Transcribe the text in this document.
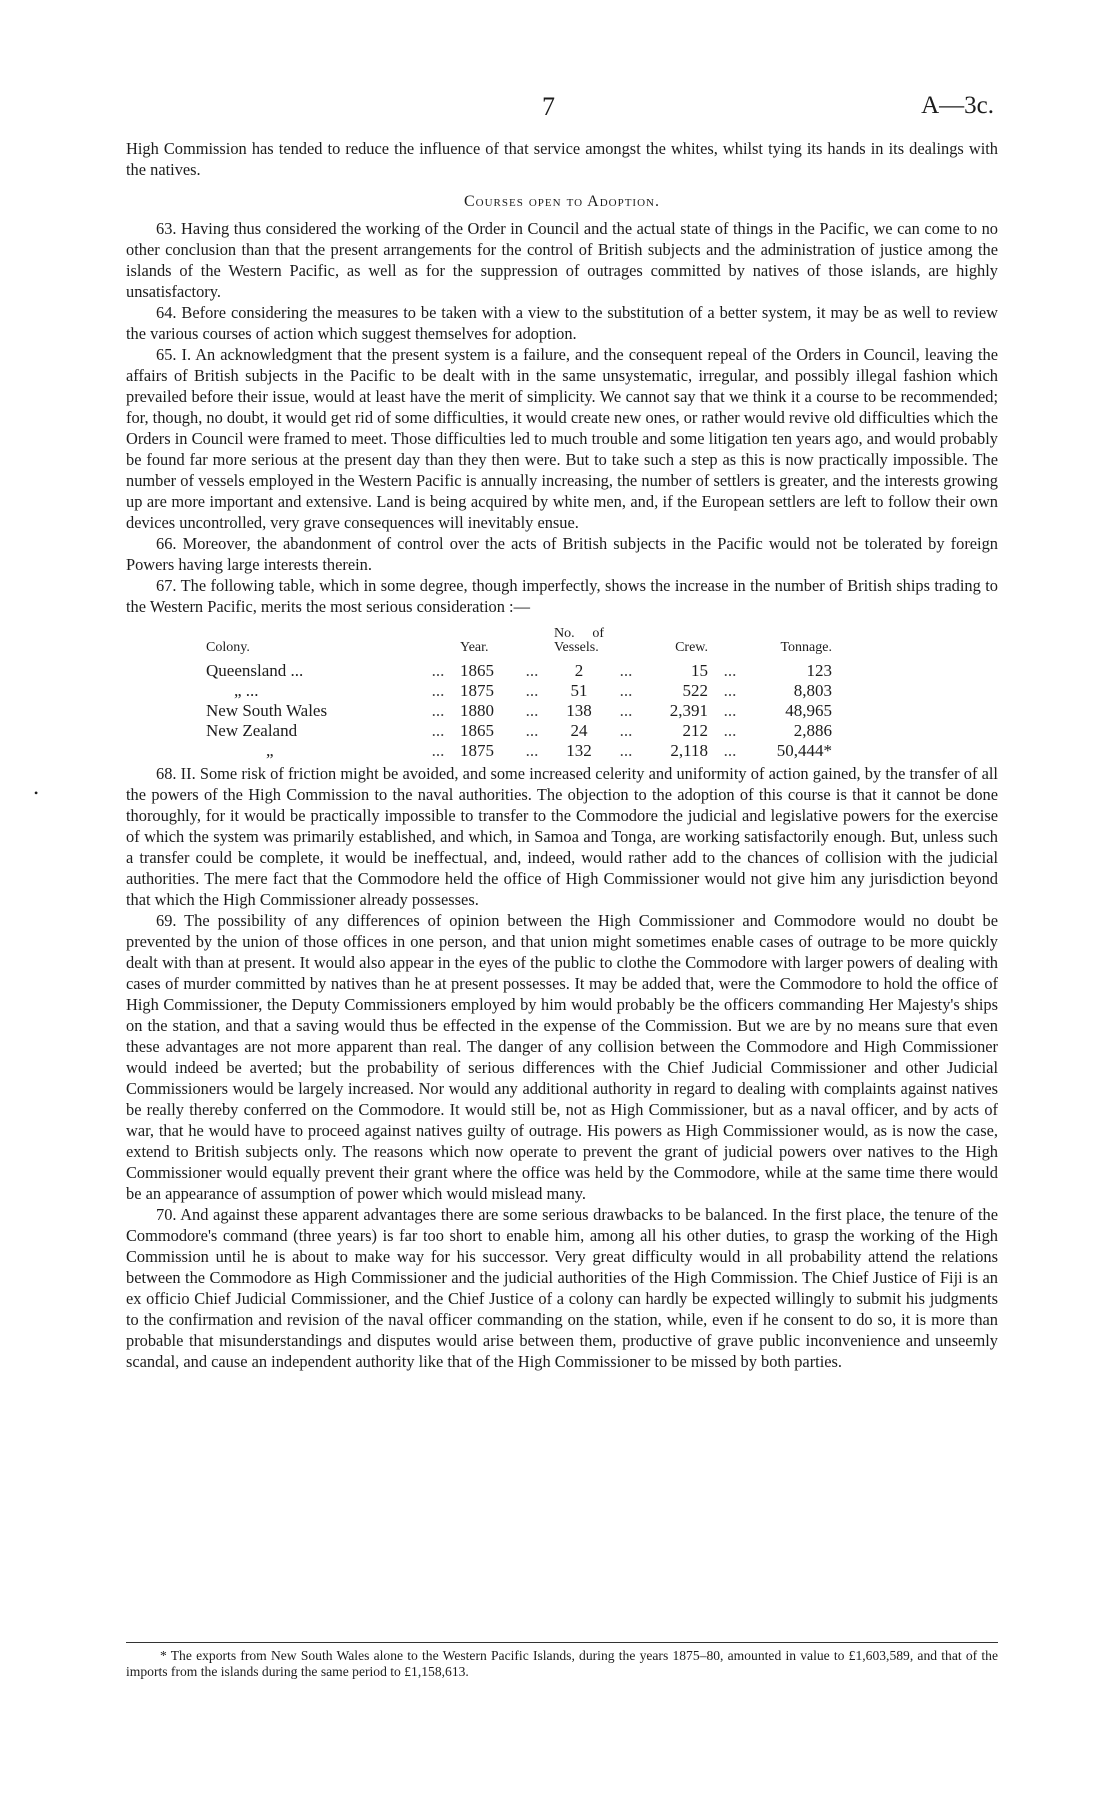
7	A—3c.
•

High Commission has tended to reduce the influence of that service amongst the whites, whilst tying its hands in its dealings with the natives.

Courses open to Adoption.

63. Having thus considered the working of the Order in Council and the actual state of things in the Pacific, we can come to no other conclusion than that the present arrangements for the control of British subjects and the administration of justice among the islands of the Western Pacific, as well as for the suppression of outrages committed by natives of those islands, are highly unsatisfactory.

64. Before considering the measures to be taken with a view to the substitution of a better system, it may be as well to review the various courses of action which suggest themselves for adoption.

65. I. An acknowledgment that the present system is a failure, and the consequent repeal of the Orders in Council, leaving the affairs of British subjects in the Pacific to be dealt with in the same unsystematic, irregular, and possibly illegal fashion which prevailed before their issue, would at least have the merit of simplicity. We cannot say that we think it a course to be recommended; for, though, no doubt, it would get rid of some difficulties, it would create new ones, or rather would revive old difficulties which the Orders in Council were framed to meet. Those difficulties led to much trouble and some litigation ten years ago, and would probably be found far more serious at the present day than they then were. But to take such a step as this is now practically impossible. The number of vessels employed in the Western Pacific is annually increasing, the number of settlers is greater, and the interests growing up are more important and extensive. Land is being acquired by white men, and, if the European settlers are left to follow their own devices uncontrolled, very grave consequences will inevitably ensue.

66. Moreover, the abandonment of control over the acts of British subjects in the Pacific would not be tolerated by foreign Powers having large interests therein.

67. The following table, which in some degree, though imperfectly, shows the increase in the number of British ships trading to the Western Pacific, merits the most serious consideration :—

Colony.		Year.		No. of Vessels.		Crew.		Tonnage.
Queensland ...	...	1865	...	2	...	15	...	123
„ ...	...	1875	...	51	...	522	...	8,803
New South Wales	...	1880	...	138	...	2,391	...	48,965
New Zealand	...	1865	...	24	...	212	...	2,886
„	...	1875	...	132	...	2,118	...	50,444*

68. II. Some risk of friction might be avoided, and some increased celerity and uniformity of action gained, by the transfer of all the powers of the High Commission to the naval authorities. The objection to the adoption of this course is that it cannot be done thoroughly, for it would be practically impossible to transfer to the Commodore the judicial and legislative powers for the exercise of which the system was primarily established, and which, in Samoa and Tonga, are working satisfactorily enough. But, unless such a transfer could be complete, it would be ineffectual, and, indeed, would rather add to the chances of collision with the judicial authorities. The mere fact that the Commodore held the office of High Commissioner would not give him any jurisdiction beyond that which the High Commissioner already possesses.

69. The possibility of any differences of opinion between the High Commissioner and Commodore would no doubt be prevented by the union of those offices in one person, and that union might sometimes enable cases of outrage to be more quickly dealt with than at present. It would also appear in the eyes of the public to clothe the Commodore with larger powers of dealing with cases of murder committed by natives than he at present possesses. It may be added that, were the Commodore to hold the office of High Commissioner, the Deputy Commissioners employed by him would probably be the officers commanding Her Majesty's ships on the station, and that a saving would thus be effected in the expense of the Commission. But we are by no means sure that even these advantages are not more apparent than real. The danger of any collision between the Commodore and High Commissioner would indeed be averted; but the probability of serious differences with the Chief Judicial Commissioner and other Judicial Commissioners would be largely increased. Nor would any additional authority in regard to dealing with complaints against natives be really thereby conferred on the Commodore. It would still be, not as High Commissioner, but as a naval officer, and by acts of war, that he would have to proceed against natives guilty of outrage. His powers as High Commissioner would, as is now the case, extend to British subjects only. The reasons which now operate to prevent the grant of judicial powers over natives to the High Commissioner would equally prevent their grant where the office was held by the Commodore, while at the same time there would be an appearance of assumption of power which would mislead many.

70. And against these apparent advantages there are some serious drawbacks to be balanced. In the first place, the tenure of the Commodore's command (three years) is far too short to enable him, among all his other duties, to grasp the working of the High Commission until he is about to make way for his successor. Very great difficulty would in all probability attend the relations between the Commodore as High Commissioner and the judicial authorities of the High Commission. The Chief Justice of Fiji is an ex officio Chief Judicial Commissioner, and the Chief Justice of a colony can hardly be expected willingly to submit his judgments to the confirmation and revision of the naval officer commanding on the station, while, even if he consent to do so, it is more than probable that misunderstandings and disputes would arise between them, productive of grave public inconvenience and unseemly scandal, and cause an independent authority like that of the High Commissioner to be missed by both parties.

* The exports from New South Wales alone to the Western Pacific Islands, during the years 1875–80, amounted in value to £1,603,589, and that of the imports from the islands during the same period to £1,158,613.
